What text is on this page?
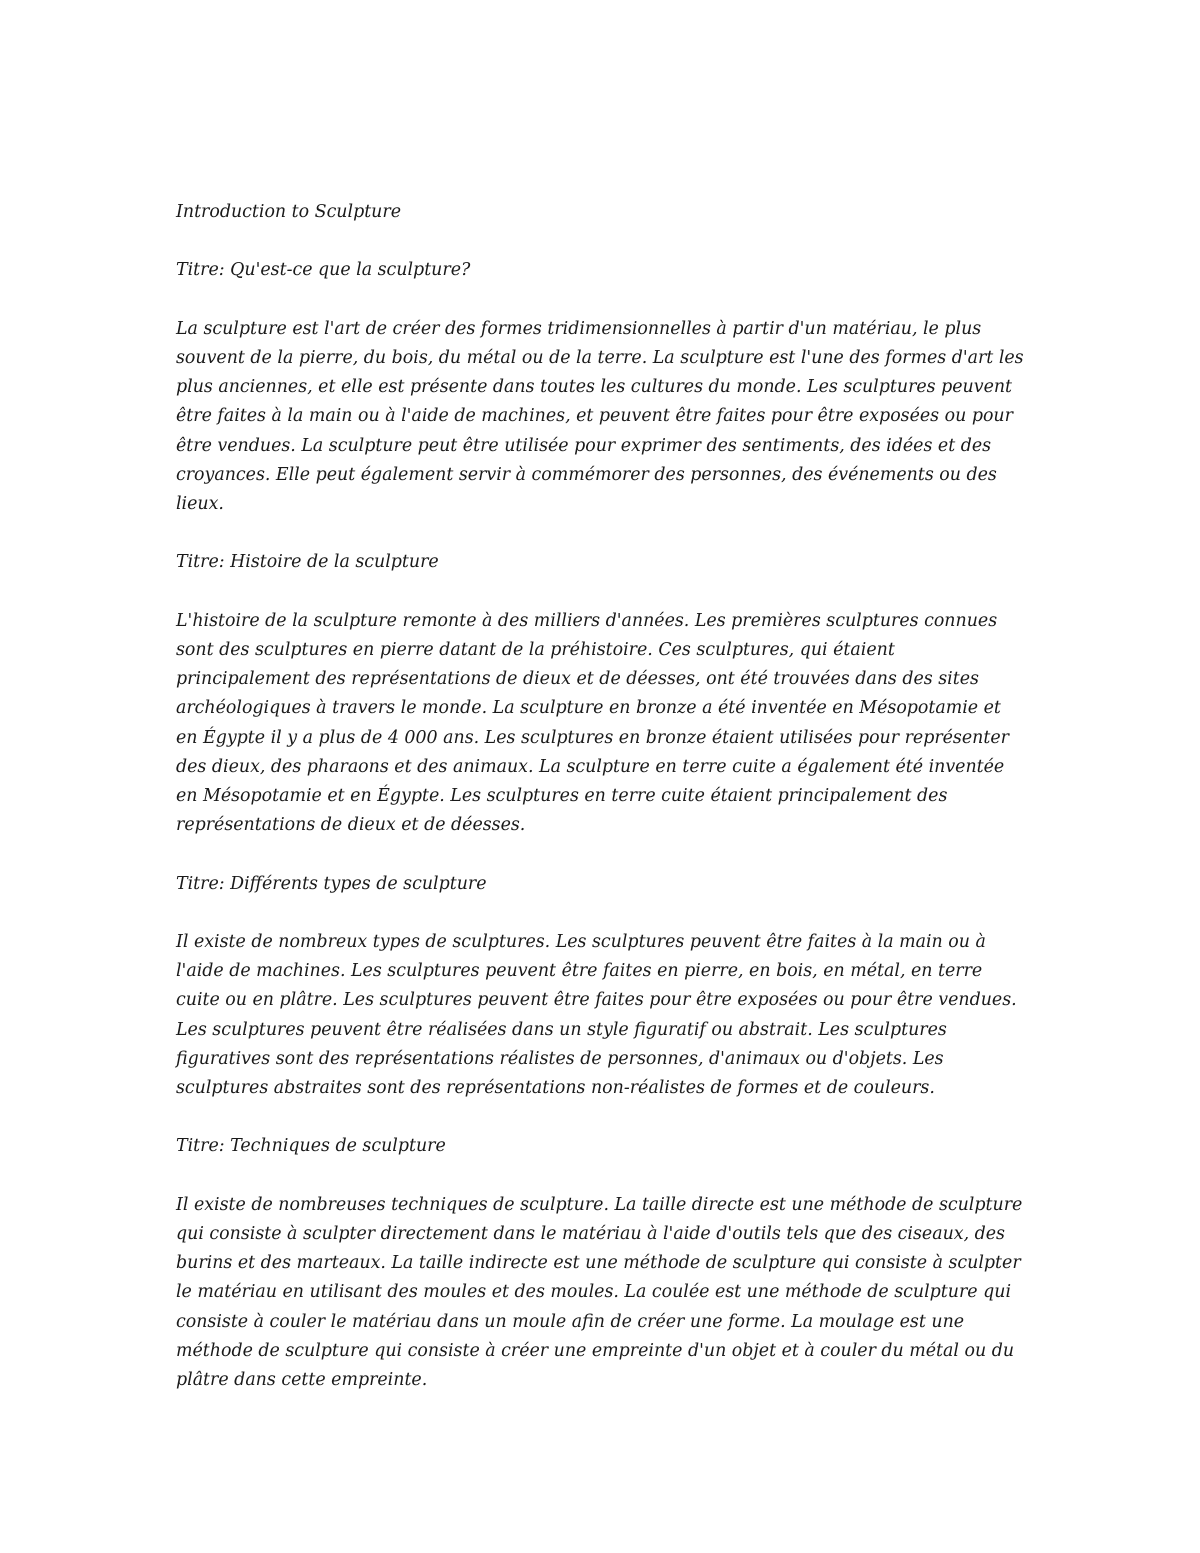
Introduction to Sculpture

Titre: Qu'est-ce que la sculpture?

La sculpture est l'art de créer des formes tridimensionnelles à partir d'un matériau, le plus souvent de la pierre, du bois, du métal ou de la terre. La sculpture est l'une des formes d'art les plus anciennes, et elle est présente dans toutes les cultures du monde. Les sculptures peuvent être faites à la main ou à l'aide de machines, et peuvent être faites pour être exposées ou pour être vendues. La sculpture peut être utilisée pour exprimer des sentiments, des idées et des croyances. Elle peut également servir à commémorer des personnes, des événements ou des lieux.

Titre: Histoire de la sculpture

L'histoire de la sculpture remonte à des milliers d'années. Les premières sculptures connues sont des sculptures en pierre datant de la préhistoire. Ces sculptures, qui étaient principalement des représentations de dieux et de déesses, ont été trouvées dans des sites archéologiques à travers le monde. La sculpture en bronze a été inventée en Mésopotamie et en Égypte il y a plus de 4 000 ans. Les sculptures en bronze étaient utilisées pour représenter des dieux, des pharaons et des animaux. La sculpture en terre cuite a également été inventée en Mésopotamie et en Égypte. Les sculptures en terre cuite étaient principalement des représentations de dieux et de déesses.

Titre: Différents types de sculpture

Il existe de nombreux types de sculptures. Les sculptures peuvent être faites à la main ou à l'aide de machines. Les sculptures peuvent être faites en pierre, en bois, en métal, en terre cuite ou en plâtre. Les sculptures peuvent être faites pour être exposées ou pour être vendues. Les sculptures peuvent être réalisées dans un style figuratif ou abstrait. Les sculptures figuratives sont des représentations réalistes de personnes, d'animaux ou d'objets. Les sculptures abstraites sont des représentations non-réalistes de formes et de couleurs.

Titre: Techniques de sculpture

Il existe de nombreuses techniques de sculpture. La taille directe est une méthode de sculpture qui consiste à sculpter directement dans le matériau à l'aide d'outils tels que des ciseaux, des burins et des marteaux. La taille indirecte est une méthode de sculpture qui consiste à sculpter le matériau en utilisant des moules et des moules. La coulée est une méthode de sculpture qui consiste à couler le matériau dans un moule afin de créer une forme. La moulage est une méthode de sculpture qui consiste à créer une empreinte d'un objet et à couler du métal ou du plâtre dans cette empreinte.
